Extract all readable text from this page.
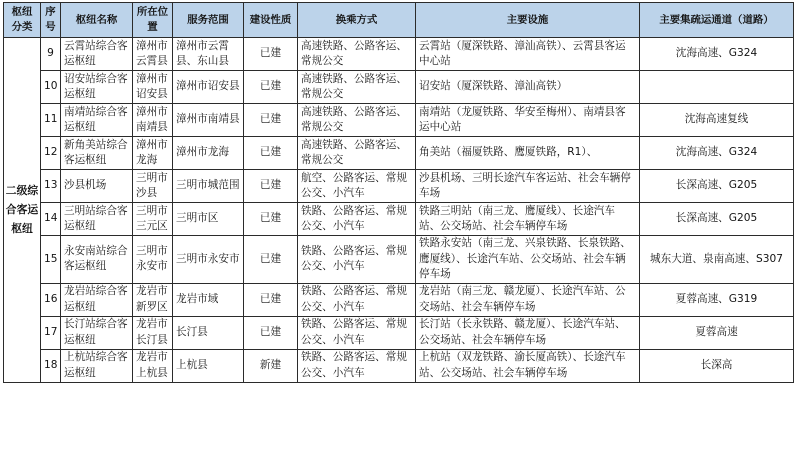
枢纽分类	序号	枢纽名称	所在位置	服务范围	建设性质	换乘方式	主要设施	主要集疏运通道（道路）
二级综合客运枢纽	9	云霄站综合客运枢纽	漳州市云霄县	漳州市云霄县、东山县	已建	高速铁路、公路客运、常规公交	云霄站（厦深铁路、漳汕高铁）、云霄县客运中心站	沈海高速、G324
	10	诏安站综合客运枢纽	漳州市诏安县	漳州市诏安县	已建	高速铁路、公路客运、常规公交	诏安站（厦深铁路、漳汕高铁）	
	11	南靖站综合客运枢纽	漳州市南靖县	漳州市南靖县	已建	高速铁路、公路客运、常规公交	南靖站（龙厦铁路、华安至梅州）、南靖县客运中心站	沈海高速复线
	12	新角美站综合客运枢纽	漳州市龙海	漳州市龙海	已建	高速铁路、公路客运、常规公交	角美站（福厦铁路、鹰厦铁路，R1）、	沈海高速、G324
	13	沙县机场	三明市沙县	三明市城范围	已建	航空、公路客运、常规公交、小汽车	沙县机场、三明长途汽车客运站、社会车辆停车场	长深高速、G205
	14	三明站综合客运枢纽	三明市三元区	三明市区	已建	铁路、公路客运、常规公交、小汽车	铁路三明站（南三龙、鹰厦线）、长途汽车站、公交场站、社会车辆停车场	长深高速、G205
	15	永安南站综合客运枢纽	三明市永安市	三明市永安市	已建	铁路、公路客运、常规公交、小汽车	铁路永安站（南三龙、兴泉铁路、长泉铁路、鹰厦线）、长途汽车站、公交场站、社会车辆停车场	城东大道、泉南高速、S307
	16	龙岩站综合客运枢纽	龙岩市新罗区	龙岩市域	已建	铁路、公路客运、常规公交、小汽车	龙岩站（南三龙、赣龙厦）、长途汽车站、公交场站、社会车辆停车场	夏蓉高速、G319
	17	长汀站综合客运枢纽	龙岩市长汀县	长汀县	已建	铁路、公路客运、常规公交、小汽车	长汀站（长永铁路、赣龙厦）、长途汽车站、公交场站、社会车辆停车场	夏蓉高速
	18	上杭站综合客运枢纽	龙岩市上杭县	上杭县	新建	铁路、公路客运、常规公交、小汽车	上杭站（双龙铁路、渝长厦高铁）、长途汽车站、公交场站、社会车辆停车场	长深高
